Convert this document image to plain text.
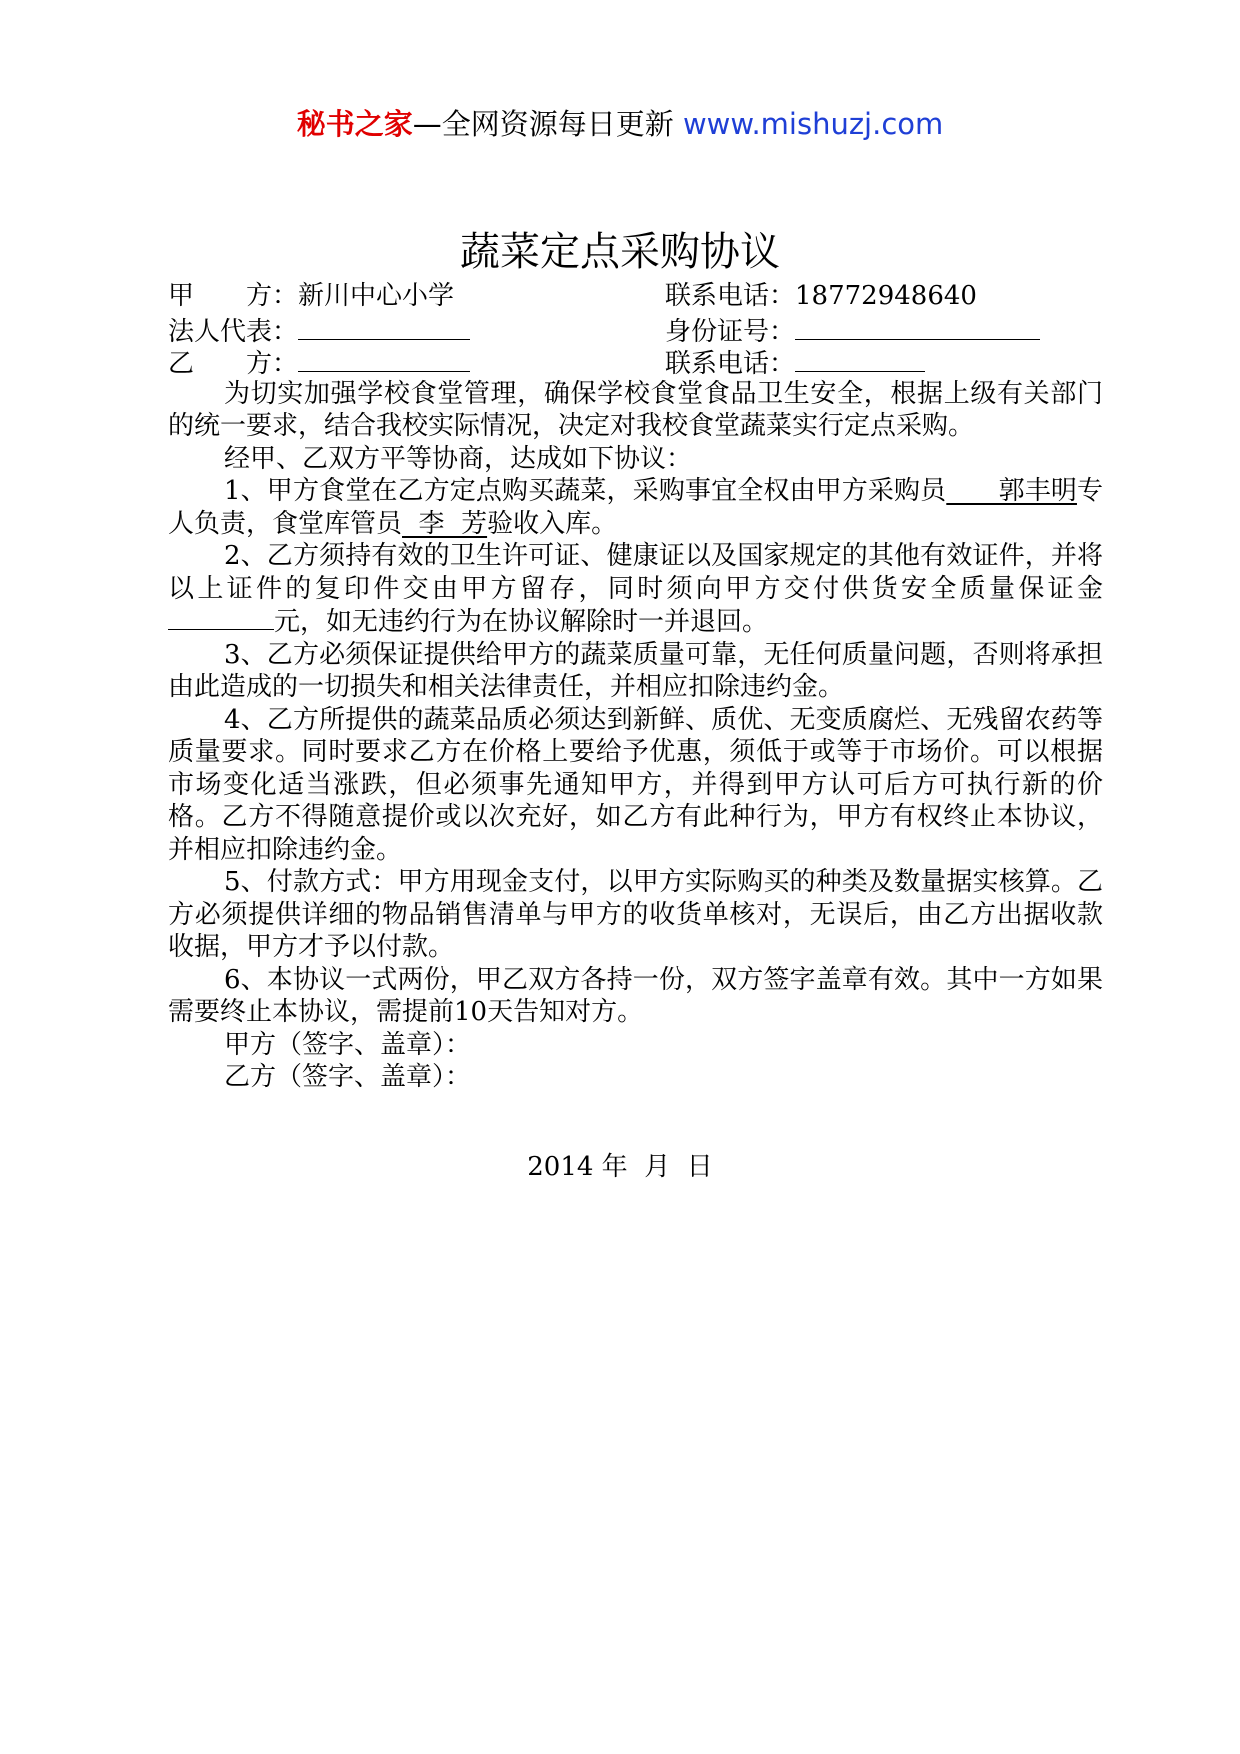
秘书之家—全网资源每日更新 www.mishuzj.com
蔬菜定点采购协议
甲　　方：新川中心小学	联系电话：18772948640
法人代表：	身份证号：
乙　　方：	联系电话：

为切实加强学校食堂管理，确保学校食堂食品卫生安全，根据上级有关部门的统一要求，结合我校实际情况，决定对我校食堂蔬菜实行定点采购。

经甲、乙双方平等协商，达成如下协议：

1、甲方食堂在乙方定点购买蔬菜，采购事宜全权由甲方采购员　　郭丰明专人负责，食堂库管员  李  芳验收入库。

2、乙方须持有效的卫生许可证、健康证以及国家规定的其他有效证件，并将以上证件的复印件交由甲方留存，同时须向甲方交付供货安全质量保证金元，如无违约行为在协议解除时一并退回。

3、乙方必须保证提供给甲方的蔬菜质量可靠，无任何质量问题，否则将承担由此造成的一切损失和相关法律责任，并相应扣除违约金。

4、乙方所提供的蔬菜品质必须达到新鲜、质优、无变质腐烂、无残留农药等质量要求。同时要求乙方在价格上要给予优惠，须低于或等于市场价。可以根据市场变化适当涨跌，但必须事先通知甲方，并得到甲方认可后方可执行新的价格。乙方不得随意提价或以次充好，如乙方有此种行为，甲方有权终止本协议，并相应扣除违约金。

5、付款方式：甲方用现金支付，以甲方实际购买的种类及数量据实核算。乙方必须提供详细的物品销售清单与甲方的收货单核对，无误后，由乙方出据收款收据，甲方才予以付款。

6、本协议一式两份，甲乙双方各持一份，双方签字盖章有效。其中一方如果需要终止本协议，需提前10天告知对方。

甲方（签字、盖章）：

乙方（签字、盖章）：

2014 年  月  日
